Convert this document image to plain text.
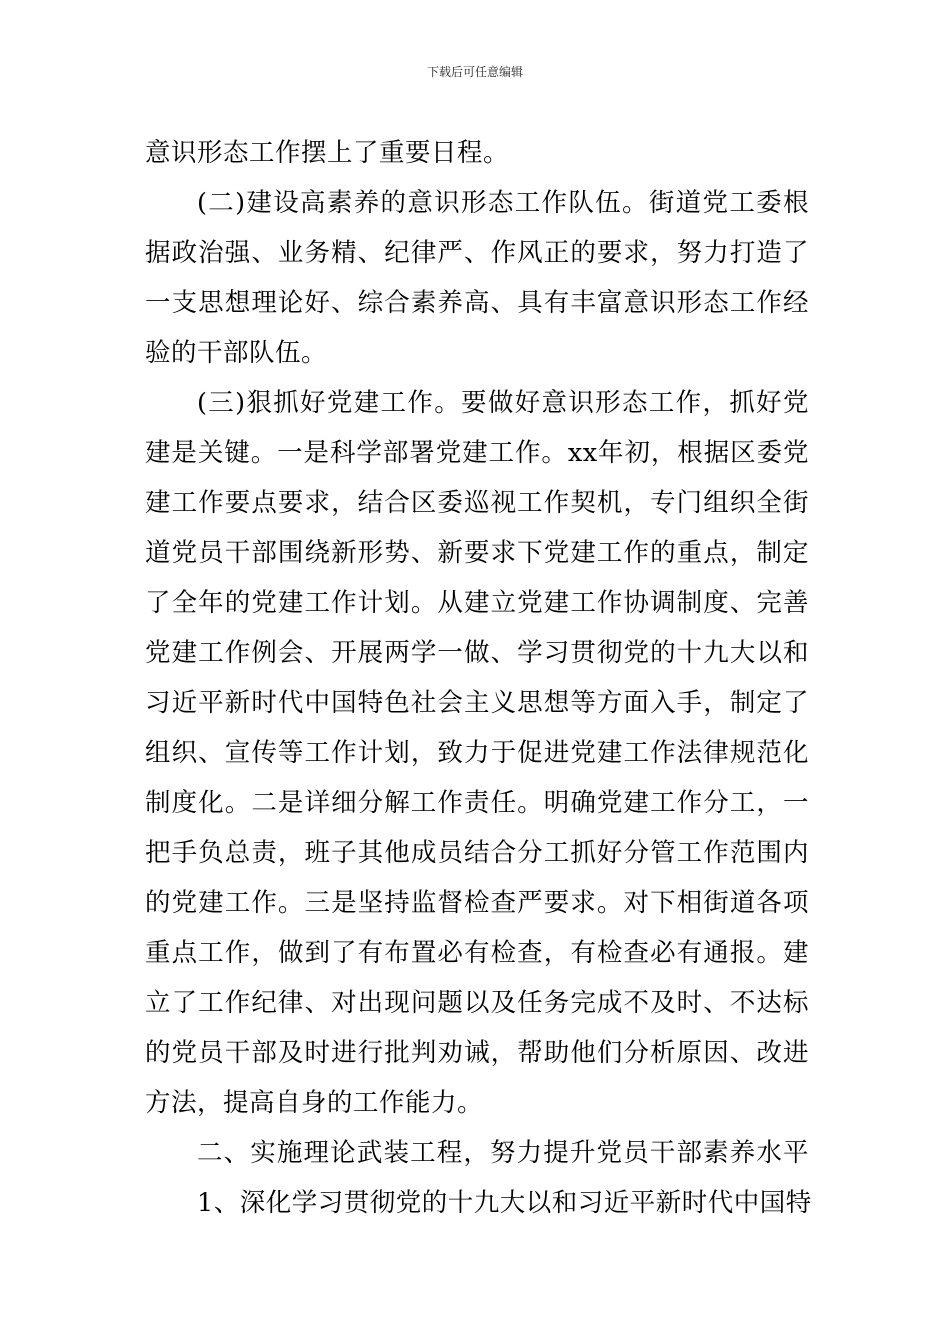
下载后可任意编辑
意识形态工作摆上了重要日程。
(二)建设高素养的意识形态工作队伍。街道党工委根
据政治强、业务精、纪律严、作风正的要求，努力打造了
一支思想理论好、综合素养高、具有丰富意识形态工作经
验的干部队伍。
(三)狠抓好党建工作。要做好意识形态工作，抓好党
建是关键。一是科学部署党建工作。xx年初，根据区委党
建工作要点要求，结合区委巡视工作契机，专门组织全街
道党员干部围绕新形势、新要求下党建工作的重点，制定
了全年的党建工作计划。从建立党建工作协调制度、完善
党建工作例会、开展两学一做、学习贯彻党的十九大以和
习近平新时代中国特色社会主义思想等方面入手，制定了
组织、宣传等工作计划，致力于促进党建工作法律规范化
制度化。二是详细分解工作责任。明确党建工作分工，一
把手负总责，班子其他成员结合分工抓好分管工作范围内
的党建工作。三是坚持监督检查严要求。对下相街道各项
重点工作，做到了有布置必有检查，有检查必有通报。建
立了工作纪律、对出现问题以及任务完成不及时、不达标
的党员干部及时进行批判劝诫，帮助他们分析原因、改进
方法，提高自身的工作能力。
二、实施理论武装工程，努力提升党员干部素养水平
1、深化学习贯彻党的十九大以和习近平新时代中国特
